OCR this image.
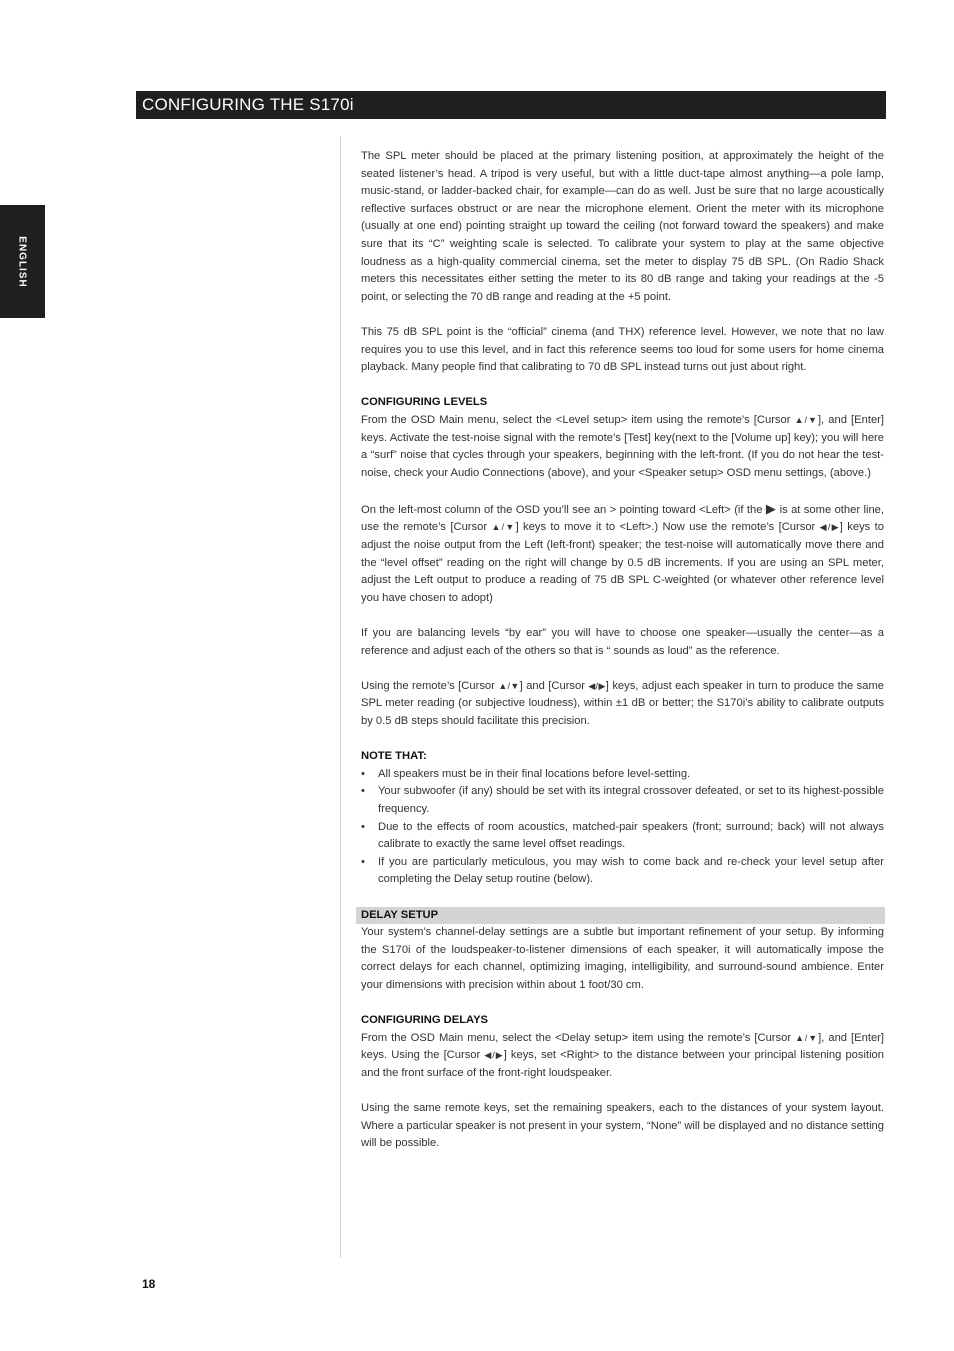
CONFIGURING THE S170i
ENGLISH

The SPL meter should be placed at the primary listening position, at approximately the height of the seated listener’s head. A tripod is very useful, but with a little duct-tape almost anything—a pole lamp, music-stand, or ladder-backed chair, for example—can do as well. Just be sure that no large acoustically reflective surfaces obstruct or are near the microphone element. Orient the meter with its microphone (usually at one end) pointing straight up toward the ceiling (not forward toward the speakers) and make sure that its “C” weighting scale is selected. To calibrate your system to play at the same objective loudness as a high-quality commercial cinema, set the meter to display 75 dB SPL. (On Radio Shack meters this necessitates either setting the meter to its 80 dB range and taking your readings at the -5 point, or selecting the 70 dB range and reading at the +5 point.

This 75 dB SPL point is the “official” cinema (and THX) reference level. However, we note that no law requires you to use this level, and in fact this reference seems too loud for some users for home cinema playback. Many people find that calibrating to 70 dB SPL instead turns out just about right.

CONFIGURING LEVELS

From the OSD Main menu, select the <Level setup> item using the remote’s [Cursor ▲/▼], and [Enter] keys. Activate the test-noise signal with the remote’s [Test] key(next to the [Volume up] key); you will here a “surf” noise that cycles through your speakers, beginning with the left-front. (If you do not hear the test-noise, check your Audio Connections (above), and your <Speaker setup> OSD menu settings, (above.)

On the left-most column of the OSD you’ll see an > pointing toward <Left> (if the ▶ is at some other line, use the remote’s [Cursor ▲/▼] keys to move it to <Left>.) Now use the remote’s [Cursor ◀/▶] keys to adjust the noise output from the Left (left-front) speaker; the test-noise will automatically move there and the “level offset” reading on the right will change by 0.5 dB increments. If you are using an SPL meter, adjust the Left output to produce a reading of 75 dB SPL C-weighted (or whatever other reference level you have chosen to adopt)

If you are balancing levels “by ear” you will have to choose one speaker—usually the center—as a reference and adjust each of the others so that is “ sounds as loud” as the reference.

Using the remote’s [Cursor ▲/▼] and [Cursor ◀/▶] keys, adjust each speaker in turn to produce the same SPL meter reading (or subjective loudness), within ±1 dB or better; the S170i’s ability to calibrate outputs by 0.5 dB steps should facilitate this precision.

NOTE THAT:
• All speakers must be in their final locations before level-setting.
• Your subwoofer (if any) should be set with its integral crossover defeated, or set to its highest-possible frequency.
• Due to the effects of room acoustics, matched-pair speakers (front; surround; back) will not always calibrate to exactly the same level offset readings.
• If you are particularly meticulous, you may wish to come back and re-check your level setup after completing the Delay setup routine (below).
DELAY SETUP

Your system’s channel-delay settings are a subtle but important refinement of your setup. By informing the S170i of the loudspeaker-to-listener dimensions of each speaker, it will automatically impose the correct delays for each channel, optimizing imaging, intelligibility, and surround-sound ambience. Enter your dimensions with precision within about 1 foot/30 cm.

CONFIGURING DELAYS

From the OSD Main menu, select the <Delay setup> item using the remote’s [Cursor ▲/▼], and [Enter] keys. Using the [Cursor ◀/▶] keys, set <Right> to the distance between your principal listening position and the front surface of the front-right loudspeaker.

Using the same remote keys, set the remaining speakers, each to the distances of your system layout. Where a particular speaker is not present in your system, “None” will be displayed and no distance setting will be possible.

18
